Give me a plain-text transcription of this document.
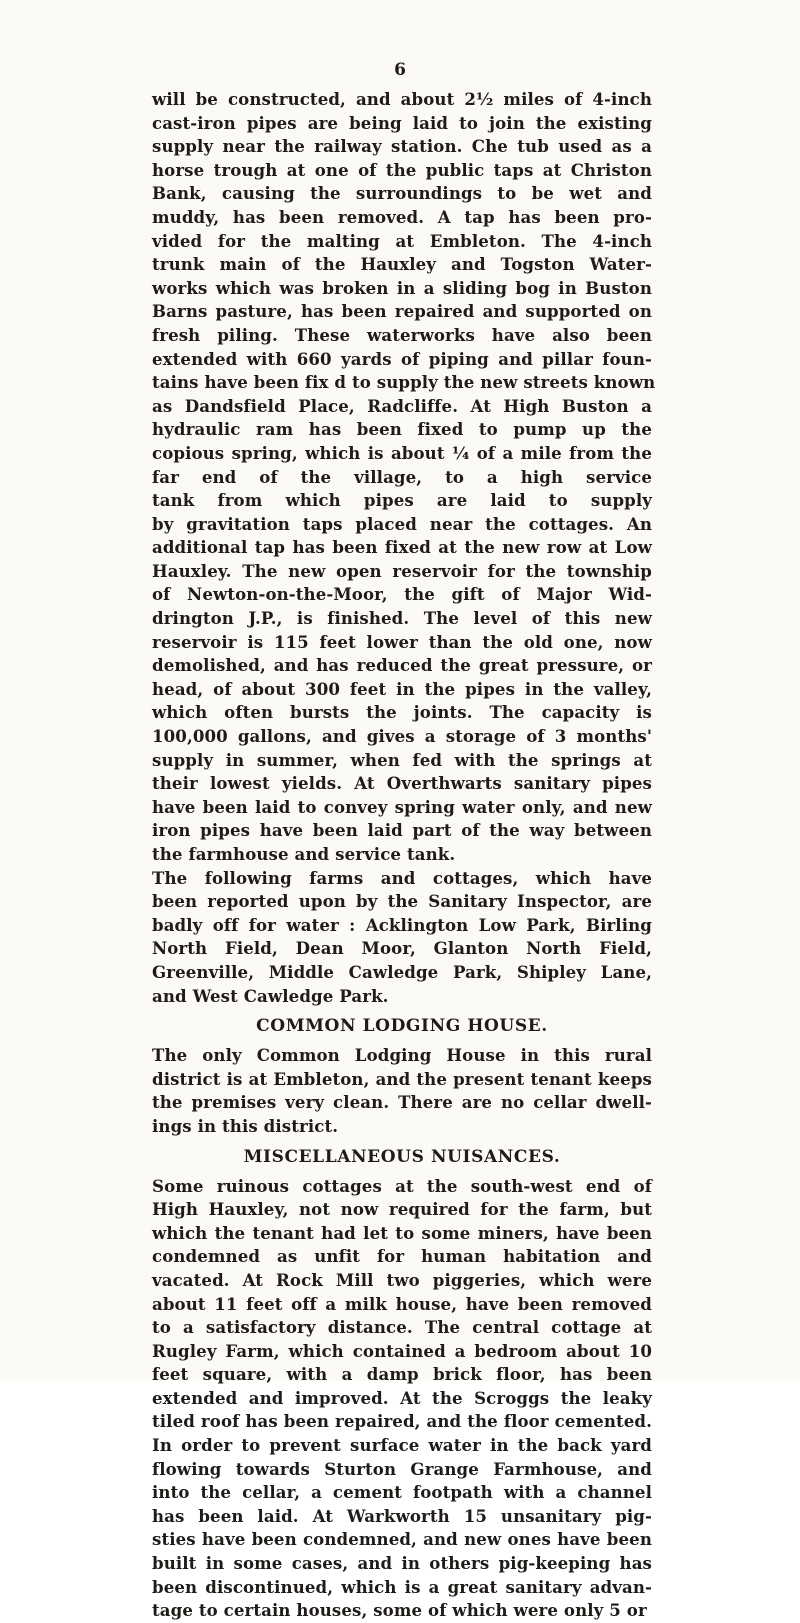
6
will be constructed, and about 2½ miles of 4-inch
cast-iron pipes are being laid to join the existing
supply near the railway station. Che tub used as a
horse trough at one of the public taps at Christon
Bank, causing the surroundings to be wet and
muddy, has been removed. A tap has been pro-
vided for the malting at Embleton. The 4-inch
trunk main of the Hauxley and Togston Water-
works which was broken in a sliding bog in Buston
Barns pasture, has been repaired and supported on
fresh piling. These waterworks have also been
extended with 660 yards of piping and pillar foun-
tains have been fix d to supply the new streets known
as Dandsfield Place, Radcliffe. At High Buston a
hydraulic ram has been fixed to pump up the
copious spring, which is about ¼ of a mile from the
far end of the village, to a high service
tank from which pipes are laid to supply
by gravitation taps placed near the cottages. An
additional tap has been fixed at the new row at Low
Hauxley. The new open reservoir for the township
of Newton-on-the-Moor, the gift of Major Wid-
drington J.P., is finished. The level of this new
reservoir is 115 feet lower than the old one, now
demolished, and has reduced the great pressure, or
head, of about 300 feet in the pipes in the valley,
which often bursts the joints. The capacity is
100,000 gallons, and gives a storage of 3 months'
supply in summer, when fed with the springs at
their lowest yields. At Overthwarts sanitary pipes
have been laid to convey spring water only, and new
iron pipes have been laid part of the way between
the farmhouse and service tank.
The following farms and cottages, which have
been reported upon by the Sanitary Inspector, are
badly off for water : Acklington Low Park, Birling
North Field, Dean Moor, Glanton North Field,
Greenville, Middle Cawledge Park, Shipley Lane,
and West Cawledge Park.
COMMON LODGING HOUSE.
The only Common Lodging House in this rural
district is at Embleton, and the present tenant keeps
the premises very clean. There are no cellar dwell-
ings in this district.
MISCELLANEOUS NUISANCES.
Some ruinous cottages at the south-west end of
High Hauxley, not now required for the farm, but
which the tenant had let to some miners, have been
condemned as unfit for human habitation and
vacated. At Rock Mill two piggeries, which were
about 11 feet off a milk house, have been removed
to a satisfactory distance. The central cottage at
Rugley Farm, which contained a bedroom about 10
feet square, with a damp brick floor, has been
extended and improved. At the Scroggs the leaky
tiled roof has been repaired, and the floor cemented.
In order to prevent surface water in the back yard
flowing towards Sturton Grange Farmhouse, and
into the cellar, a cement footpath with a channel
has been laid. At Warkworth 15 unsanitary pig-
sties have been condemned, and new ones have been
built in some cases, and in others pig-keeping has
been discontinued, which is a great sanitary advan-
tage to certain houses, some of which were only 5 or
